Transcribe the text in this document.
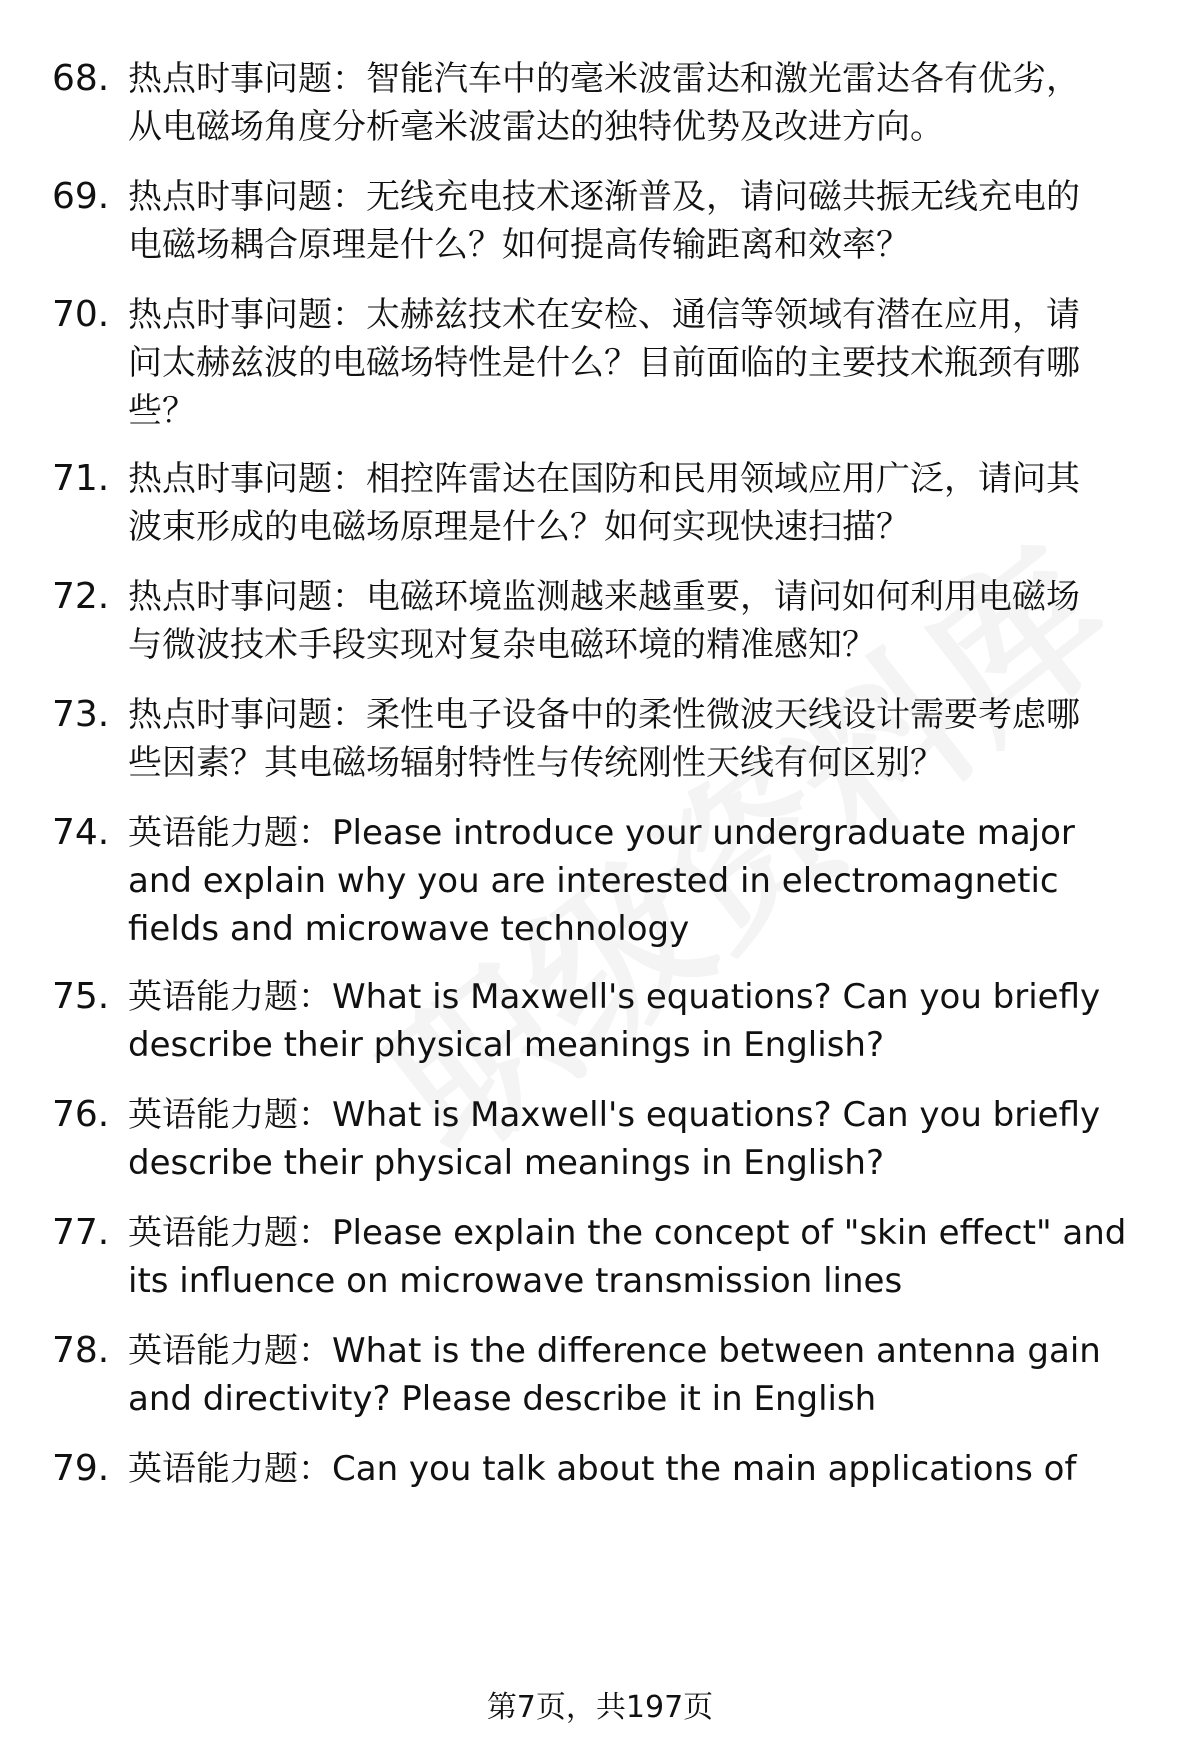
68. 热点时事问题：智能汽车中的毫米波雷达和激光雷达各有优劣，
从电磁场角度分析毫米波雷达的独特优势及改进方向。
69. 热点时事问题：无线充电技术逐渐普及，请问磁共振无线充电的
电磁场耦合原理是什么？如何提高传输距离和效率？
70. 热点时事问题：太赫兹技术在安检、通信等领域有潜在应用，请
问太赫兹波的电磁场特性是什么？目前面临的主要技术瓶颈有哪
些？
71. 热点时事问题：相控阵雷达在国防和民用领域应用广泛，请问其
波束形成的电磁场原理是什么？如何实现快速扫描？
72. 热点时事问题：电磁环境监测越来越重要，请问如何利用电磁场
与微波技术手段实现对复杂电磁环境的精准感知？
73. 热点时事问题：柔性电子设备中的柔性微波天线设计需要考虑哪
些因素？其电磁场辐射特性与传统刚性天线有何区别？
74. 英语能力题：Please introduce your undergraduate major
and explain why you are interested in electromagnetic
fields and microwave technology
75. 英语能力题：What is Maxwell's equations? Can you briefly
describe their physical meanings in English?
76. 英语能力题：What is Maxwell's equations? Can you briefly
describe their physical meanings in English?
77. 英语能力题：Please explain the concept of "skin effect" and
its influence on microwave transmission lines
78. 英语能力题：What is the difference between antenna gain
and directivity? Please describe it in English
79. 英语能力题：Can you talk about the main applications of
第7页，共197页
